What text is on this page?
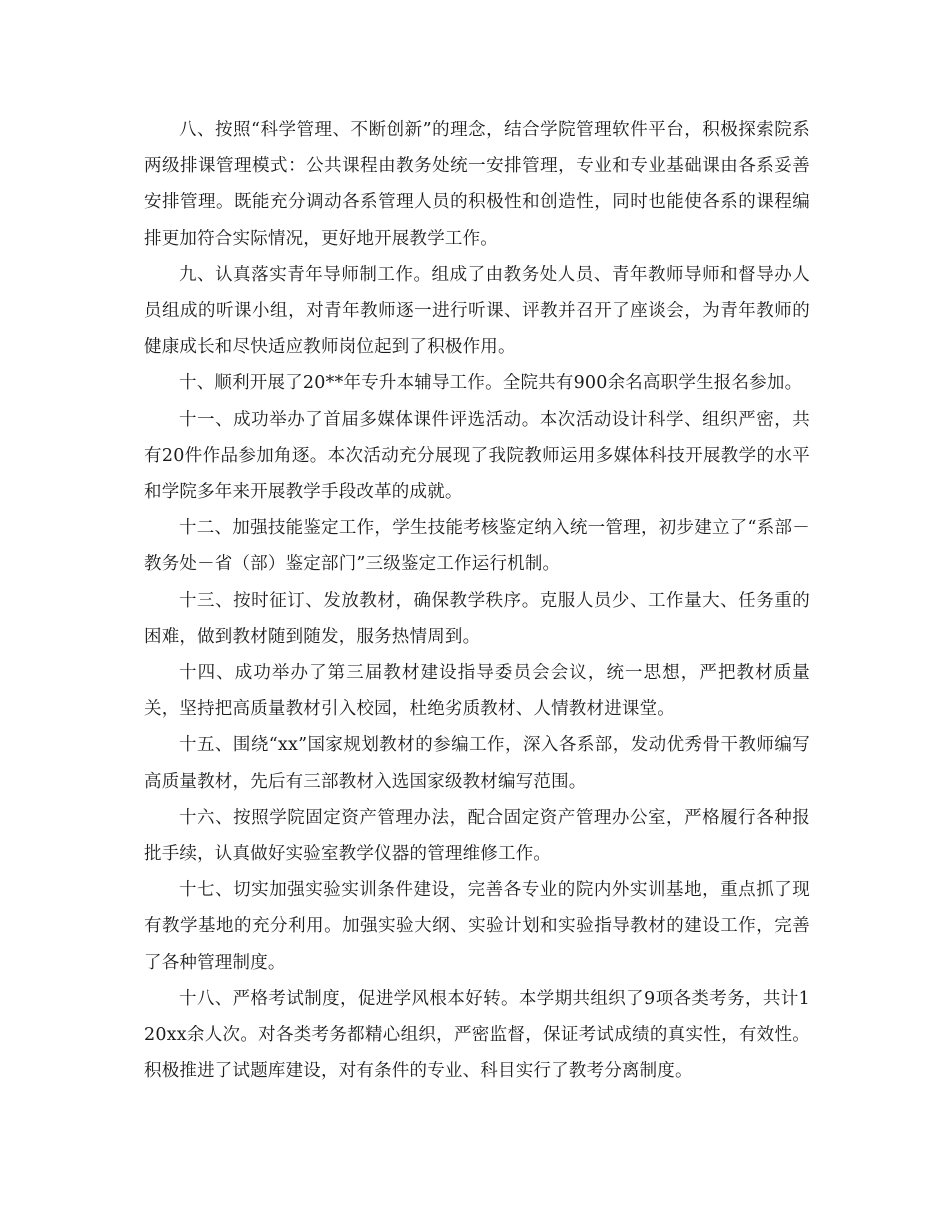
八、按照“科学管理、不断创新”的理念，结合学院管理软件平台，积极探索院系两级排课管理模式：公共课程由教务处统一安排管理，专业和专业基础课由各系妥善安排管理。既能充分调动各系管理人员的积极性和创造性，同时也能使各系的课程编排更加符合实际情况，更好地开展教学工作。

九、认真落实青年导师制工作。组成了由教务处人员、青年教师导师和督导办人员组成的听课小组，对青年教师逐一进行听课、评教并召开了座谈会，为青年教师的健康成长和尽快适应教师岗位起到了积极作用。

十、顺利开展了20**年专升本辅导工作。全院共有900余名高职学生报名参加。

十一、成功举办了首届多媒体课件评选活动。本次活动设计科学、组织严密，共有20件作品参加角逐。本次活动充分展现了我院教师运用多媒体科技开展教学的水平和学院多年来开展教学手段改革的成就。

十二、加强技能鉴定工作，学生技能考核鉴定纳入统一管理，初步建立了“系部－教务处－省（部）鉴定部门”三级鉴定工作运行机制。

十三、按时征订、发放教材，确保教学秩序。克服人员少、工作量大、任务重的困难，做到教材随到随发，服务热情周到。

十四、成功举办了第三届教材建设指导委员会会议，统一思想，严把教材质量关，坚持把高质量教材引入校园，杜绝劣质教材、人情教材进课堂。

十五、围绕“xx”国家规划教材的参编工作，深入各系部，发动优秀骨干教师编写高质量教材，先后有三部教材入选国家级教材编写范围。

十六、按照学院固定资产管理办法，配合固定资产管理办公室，严格履行各种报批手续，认真做好实验室教学仪器的管理维修工作。

十七、切实加强实验实训条件建设，完善各专业的院内外实训基地，重点抓了现有教学基地的充分利用。加强实验大纲、实验计划和实验指导教材的建设工作，完善了各种管理制度。

十八、严格考试制度，促进学风根本好转。本学期共组织了9项各类考务，共计120xx余人次。对各类考务都精心组织，严密监督，保证考试成绩的真实性，有效性。积极推进了试题库建设，对有条件的专业、科目实行了教考分离制度。
